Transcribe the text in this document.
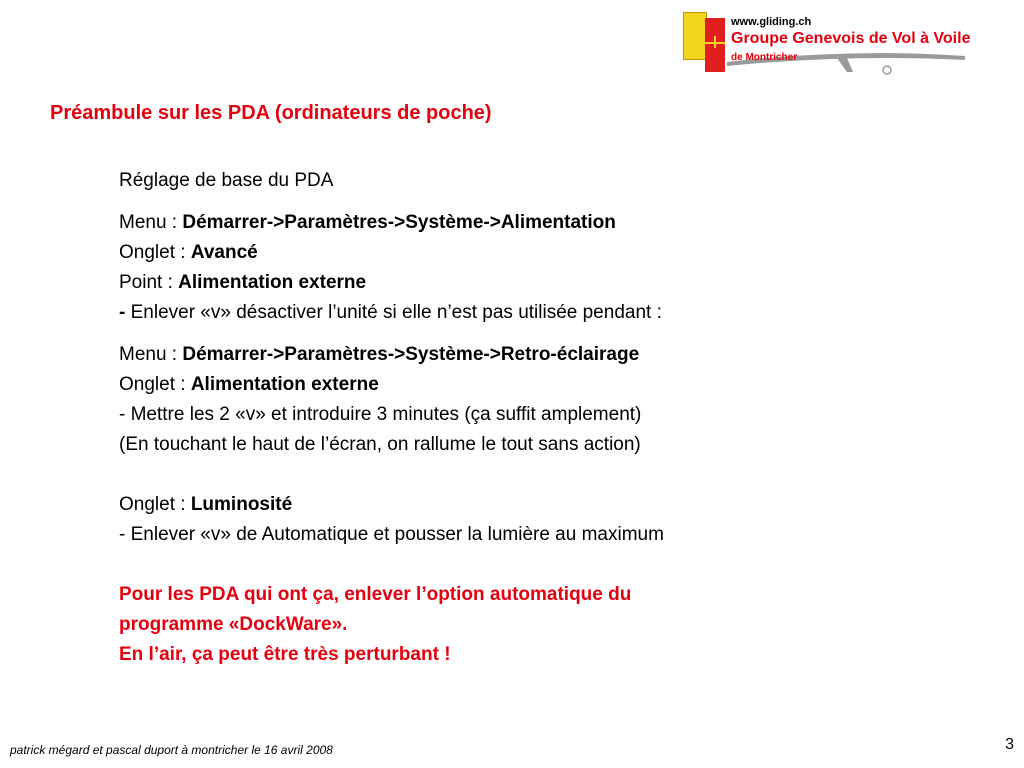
www.gliding.ch
Groupe Genevois de Vol à Voile
de Montricher
Préambule sur les PDA (ordinateurs de poche)

Réglage de base du PDA

Menu : Démarrer->Paramètres->Système->Alimentation

Onglet : Avancé

Point : Alimentation externe

- Enlever «v» désactiver l’unité si elle n’est pas utilisée pendant :

Menu : Démarrer->Paramètres->Système->Retro-éclairage

Onglet : Alimentation externe

- Mettre les 2 «v» et introduire 3 minutes (ça suffit amplement)

(En touchant le haut de l’écran, on rallume le tout sans action)

Onglet : Luminosité

- Enlever «v» de Automatique et pousser la lumière au maximum

Pour les PDA qui ont ça, enlever l’option automatique du

programme «DockWare».

En l’air, ça peut être très perturbant !

patrick mégard et pascal duport à montricher le 16 avril 2008	3
